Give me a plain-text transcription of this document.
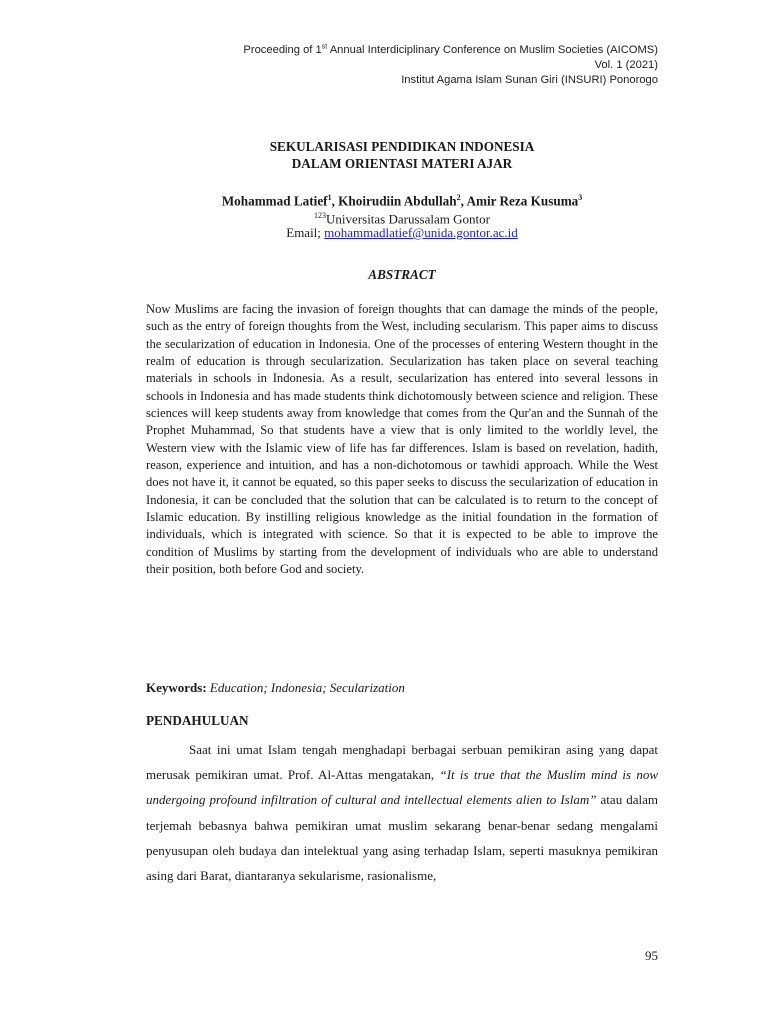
Proceeding of 1st Annual Interdiciplinary Conference on Muslim Societies (AICOMS)
Vol. 1 (2021)
Institut Agama Islam Sunan Giri (INSURI) Ponorogo
SEKULARISASI PENDIDIKAN INDONESIA
DALAM ORIENTASI MATERI AJAR
Mohammad Latief$^1$, Khoirudiin Abdullah$^2$, Amir Reza Kusuma$^3$
$^{123}$Universitas Darussalam Gontor
Email; mohammadlatief@unida.gontor.ac.id
ABSTRACT

Now Muslims are facing the invasion of foreign thoughts that can damage the minds of the people, such as the entry of foreign thoughts from the West, including secularism. This paper aims to discuss the secularization of education in Indonesia. One of the processes of entering Western thought in the realm of education is through secularization. Secularization has taken place on several teaching materials in schools in Indonesia. As a result, secularization has entered into several lessons in schools in Indonesia and has made students think dichotomously between science and religion. These sciences will keep students away from knowledge that comes from the Qur'an and the Sunnah of the Prophet Muhammad, So that students have a view that is only limited to the worldly level, the Western view with the Islamic view of life has far differences. Islam is based on revelation, hadith, reason, experience and intuition, and has a non-dichotomous or tawhidi approach. While the West does not have it, it cannot be equated, so this paper seeks to discuss the secularization of education in Indonesia, it can be concluded that the solution that can be calculated is to return to the concept of Islamic education. By instilling religious knowledge as the initial foundation in the formation of individuals, which is integrated with science. So that it is expected to be able to improve the condition of Muslims by starting from the development of individuals who are able to understand their position, both before God and society.

Keywords: Education; Indonesia; Secularization
PENDAHULUAN

Saat ini umat Islam tengah menghadapi berbagai serbuan pemikiran asing yang dapat merusak pemikiran umat. Prof. Al-Attas mengatakan, “It is true that the Muslim mind is now undergoing profound infiltration of cultural and intellectual elements alien to Islam” atau dalam terjemah bebasnya bahwa pemikiran umat muslim sekarang benar-benar sedang mengalami penyusupan oleh budaya dan intelektual yang asing terhadap Islam, seperti masuknya pemikiran asing dari Barat, diantaranya sekularisme, rasionalisme,

95
